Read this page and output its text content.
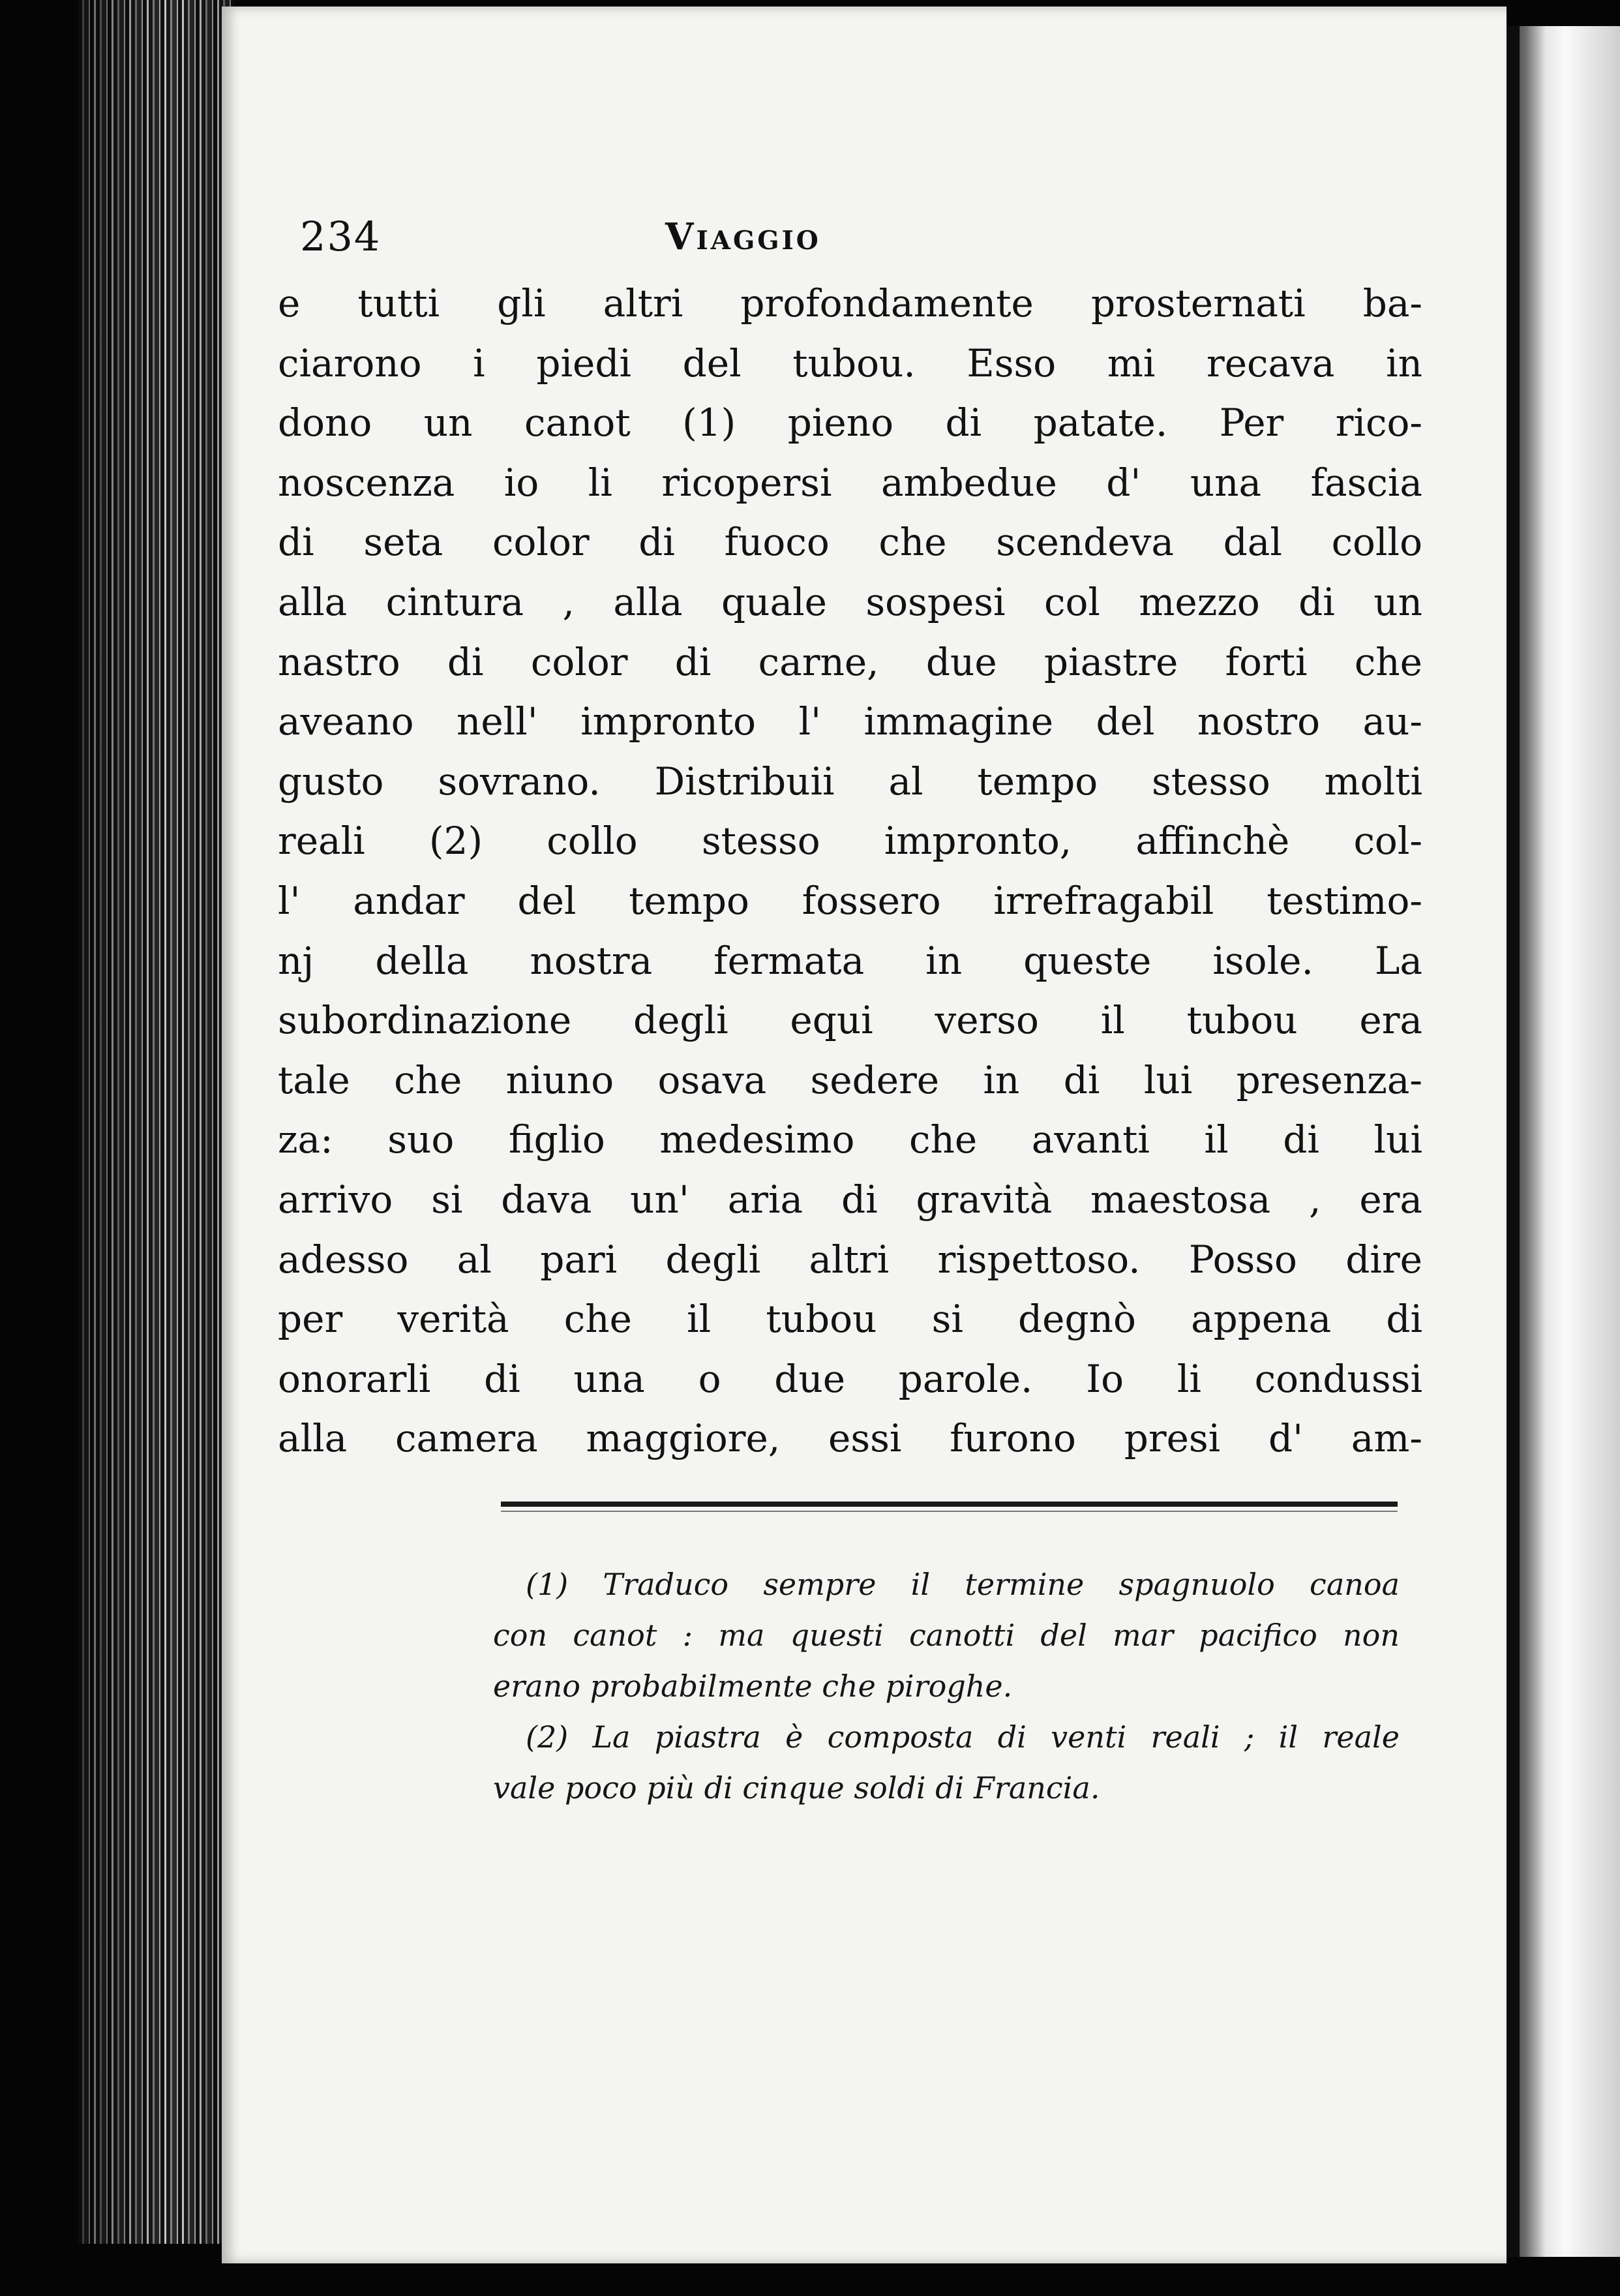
234	Viaggio
e tutti gli altri profondamente prosternati ba-
ciarono i piedi del tubou. Esso mi recava in
dono un canot (1) pieno di patate. Per rico-
noscenza io li ricopersi ambedue d' una fascia
di seta color di fuoco che scendeva dal collo
alla cintura , alla quale sospesi col mezzo di un
nastro di color di carne, due piastre forti che
aveano nell' impronto l' immagine del nostro au-
gusto sovrano. Distribuii al tempo stesso molti
reali (2) collo stesso impronto, affinchè col-
l' andar del tempo fossero irrefragabil testimo-
nj della nostra fermata in queste isole. La
subordinazione degli equi verso il tubou era
tale che niuno osava sedere in di lui presenza-
za: suo figlio medesimo che avanti il di lui
arrivo si dava un' aria di gravità maestosa , era
adesso al pari degli altri rispettoso. Posso dire
per verità che il tubou si degnò appena di
onorarli di una o due parole. Io li condussi
alla camera maggiore, essi furono presi d' am-
(1) Traduco sempre il termine spagnuolo canoa
con canot : ma questi canotti del mar pacifico non
erano probabilmente che piroghe.
(2) La piastra è composta di venti reali ; il reale
vale poco più di cinque soldi di Francia.
